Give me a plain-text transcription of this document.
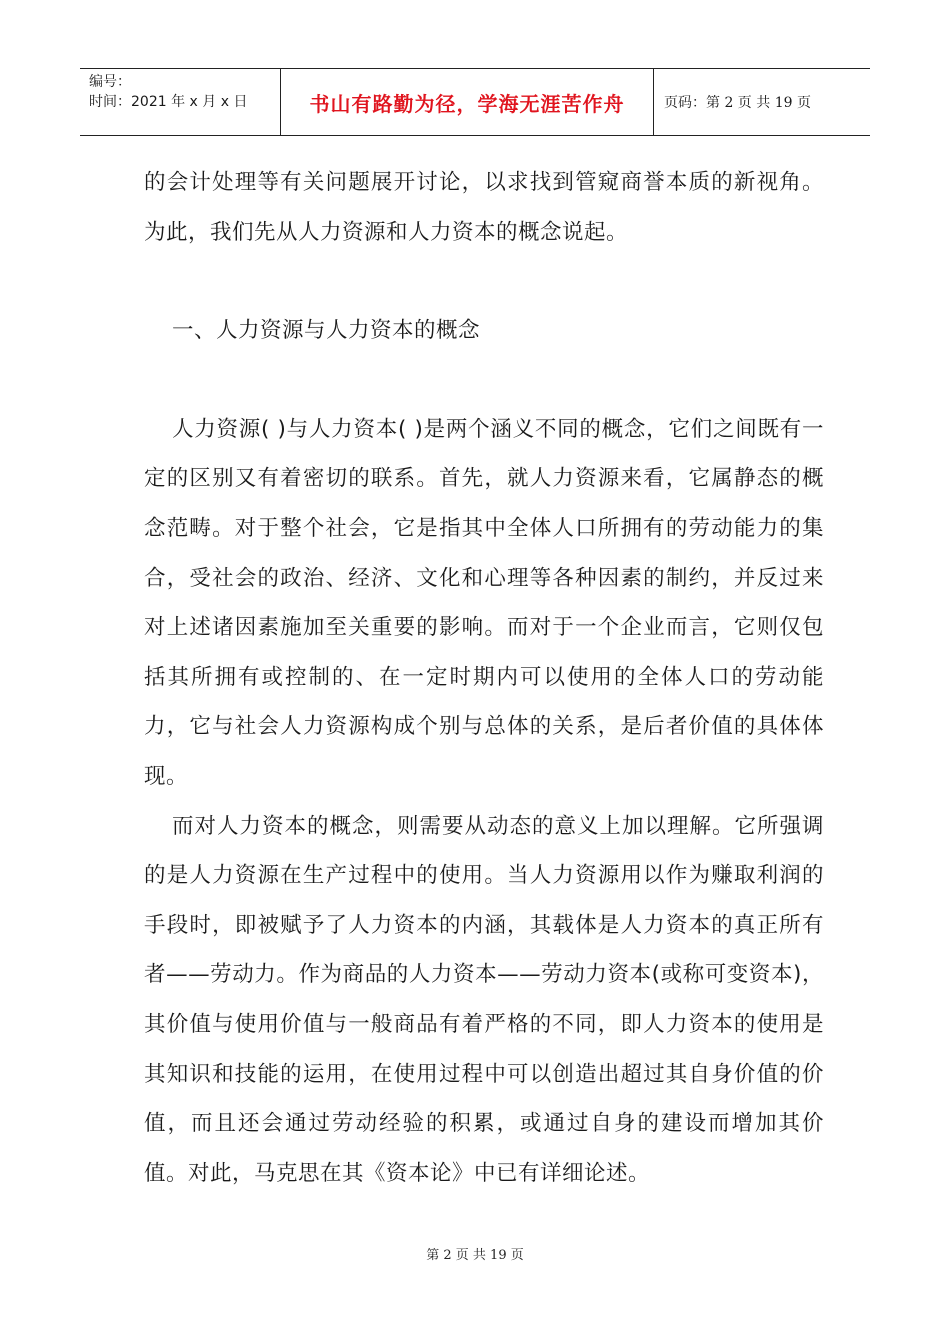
编号：
时间：2021 年 x 月 x 日	书山有路勤为径，学海无涯苦作舟	页码：第 2 页 共 19 页

的会计处理等有关问题展开讨论，以求找到管窥商誉本质的新视角。为此，我们先从人力资源和人力资本的概念说起。

一、人力资源与人力资本的概念

人力资源( )与人力资本( )是两个涵义不同的概念，它们之间既有一定的区别又有着密切的联系。首先，就人力资源来看，它属静态的概念范畴。对于整个社会，它是指其中全体人口所拥有的劳动能力的集合，受社会的政治、经济、文化和心理等各种因素的制约，并反过来对上述诸因素施加至关重要的影响。而对于一个企业而言，它则仅包括其所拥有或控制的、在一定时期内可以使用的全体人口的劳动能力，它与社会人力资源构成个别与总体的关系，是后者价值的具体体现。

而对人力资本的概念，则需要从动态的意义上加以理解。它所强调的是人力资源在生产过程中的使用。当人力资源用以作为赚取利润的手段时，即被赋予了人力资本的内涵，其载体是人力资本的真正所有者——劳动力。作为商品的人力资本——劳动力资本(或称可变资本)，其价值与使用价值与一般商品有着严格的不同，即人力资本的使用是其知识和技能的运用，在使用过程中可以创造出超过其自身价值的价值，而且还会通过劳动经验的积累，或通过自身的建设而增加其价值。对此，马克思在其《资本论》中已有详细论述。

第 2 页 共 19 页
